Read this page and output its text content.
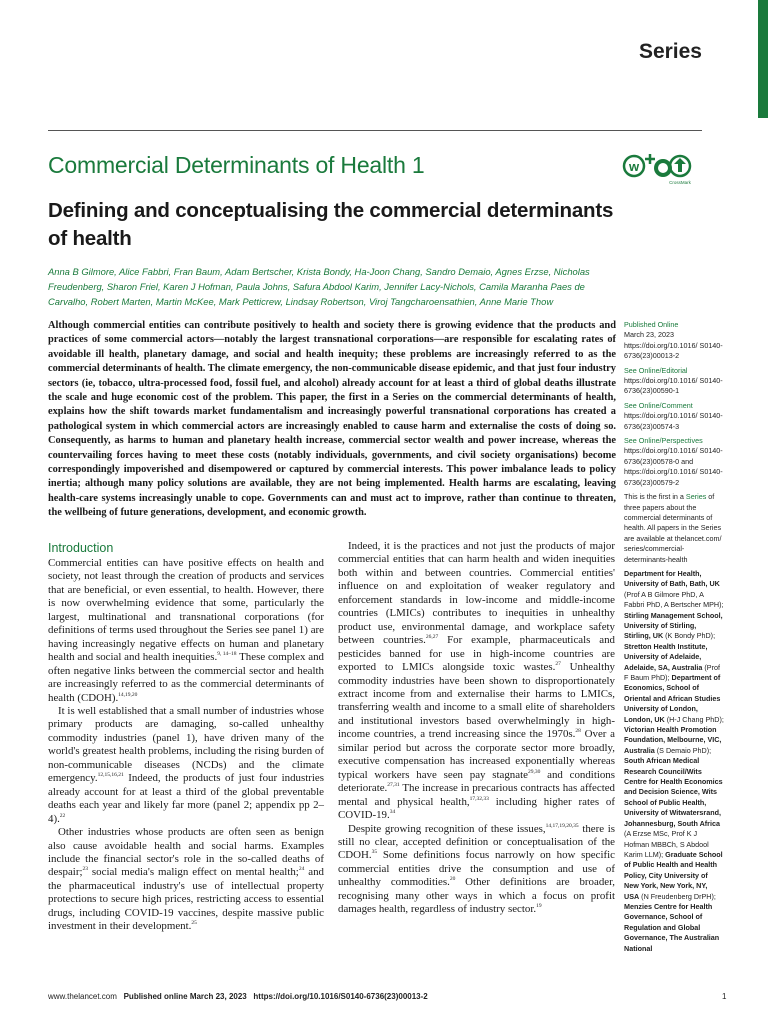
Series
Commercial Determinants of Health 1	w
CrossMark
Defining and conceptualising the commercial determinants of health
Anna B Gilmore, Alice Fabbri, Fran Baum, Adam Bertscher, Krista Bondy, Ha-Joon Chang, Sandro Demaio, Agnes Erzse, Nicholas Freudenberg, Sharon Friel, Karen J Hofman, Paula Johns, Safura Abdool Karim, Jennifer Lacy-Nichols, Camila Maranha Paes de Carvalho, Robert Marten, Martin McKee, Mark Petticrew, Lindsay Robertson, Viroj Tangcharoensathien, Anne Marie Thow
Although commercial entities can contribute positively to health and society there is growing evidence that the products and practices of some commercial actors—notably the largest transnational corporations—are responsible for escalating rates of avoidable ill health, planetary damage, and social and health inequity; these problems are increasingly referred to as the commercial determinants of health. The climate emergency, the non-communicable disease epidemic, and that just four industry sectors (ie, tobacco, ultra-processed food, fossil fuel, and alcohol) already account for at least a third of global deaths illustrate the scale and huge economic cost of the problem. This paper, the first in a Series on the commercial determinants of health, explains how the shift towards market fundamentalism and increasingly powerful transnational corporations has created a pathological system in which commercial actors are increasingly enabled to cause harm and externalise the costs of doing so. Consequently, as harms to human and planetary health increase, commercial sector wealth and power increase, whereas the countervailing forces having to meet these costs (notably individuals, governments, and civil society organisations) become correspondingly impoverished and disempowered or captured by commercial interests. This power imbalance leads to policy inertia; although many policy solutions are available, they are not being implemented. Health harms are escalating, leaving health-care systems increasingly unable to cope. Governments can and must act to improve, rather than continue to threaten, the wellbeing of future generations, development, and economic growth.
Introduction

Commercial entities can have positive effects on health and society, not least through the creation of products and services that are beneficial, or even essential, to health. However, there is now overwhelming evidence that some, particularly the largest, multinational and transnational corporations (for definitions of terms used throughout the Series see panel 1) are having increasingly negative effects on human and planetary health and social and health inequities.$^{9, 14-18}$ These complex and often negative links between the commercial sector and health are increasingly referred to as the commercial determinants of health (CDOH).$^{14,19,20}$

It is well established that a small number of industries whose primary products are damaging, so-called unhealthy commodity industries (panel 1), have driven many of the world's greatest health problems, including the rising burden of non-communicable diseases (NCDs) and the climate emergency.$^{12,15,16,21}$ Indeed, the products of just four industries already account for at least a third of the global preventable deaths each year and likely far more (panel 2; appendix pp 2–4).$^{22}$

Other industries whose products are often seen as benign also cause avoidable health and social harms. Examples include the financial sector's role in the so-called deaths of despair;$^{23}$ social media's malign effect on mental health;$^{24}$ and the pharmaceutical industry's use of intellectual property protections to secure high prices, restricting access to essential drugs, including COVID-19 vaccines, despite massive public investment in their development.$^{25}$

Indeed, it is the practices and not just the products of major commercial entities that can harm health and widen inequities both within and between countries. Commercial entities' influence on and exploitation of weaker regulatory and enforcement standards in low-income and middle-income countries (LMICs) contributes to inequities in unhealthy product use, environmental damage, and workplace safety between countries.$^{26,27}$ For example, pharmaceuticals and pesticides banned for use in high-income countries are exported to LMICs alongside toxic wastes.$^{27}$ Unhealthy commodity industries have been shown to disproportionately extract income from and externalise their harms to LMICs, transferring wealth and income to a small elite of shareholders and institutional investors based overwhelmingly in high-income countries, a trend increasing since the 1970s.$^{28}$ Over a similar period but across the corporate sector more broadly, executive compensation has increased exponentially whereas typical workers have seen pay stagnate$^{29,30}$ and conditions deteriorate.$^{27,31}$ The increase in precarious contracts has affected mental and physical health,$^{17,32,33}$ including higher rates of COVID-19.34

Despite growing recognition of these issues,$^{14,17,19,20,35}$ there is still no clear, accepted definition or conceptualisation of the CDOH.$^{35}$ Some definitions focus narrowly on how specific commercial entities drive the consumption and use of unhealthy commodities.$^{20}$ Other definitions are broader, recognising many other ways in which a focus on profit damages health, regardless of industry sector.$^{19}$

Published Online
March 23, 2023
https://doi.org/10.1016/ S0140-6736(23)00013-2
See Online/Editorial
https://doi.org/10.1016/ S0140-6736(23)00590-1
See Online/Comment
https://doi.org/10.1016/ S0140-6736(23)00574-3
See Online/Perspectives
https://doi.org/10.1016/ S0140-6736(23)00578-0 and https://doi.org/10.1016/ S0140-6736(23)00579-2
This is the first in a Series of three papers about the commercial determinants of health. All papers in the Series are available at thelancet.com/ series/commercial-determinants-health
Department for Health, University of Bath, Bath, UK (Prof A B Gilmore PhD, A Fabbri PhD, A Bertscher MPH); Stirling Management School, University of Stirling, Stirling, UK (K Bondy PhD); Stretton Health Institute, University of Adelaide, Adelaide, SA, Australia (Prof F Baum PhD); Department of Economics, School of Oriental and African Studies University of London, London, UK (H-J Chang PhD); Victorian Health Promotion Foundation, Melbourne, VIC, Australia (S Demaio PhD); South African Medical Research Council/Wits Centre for Health Economics and Decision Science, Wits School of Public Health, University of Witwatersrand, Johannesburg, South Africa (A Erzse MSc, Prof K J Hofman MBBCh, S Abdool Karim LLM); Graduate School of Public Health and Health Policy, City University of New York, New York, NY, USA (N Freudenberg DrPH); Menzies Centre for Health Governance, School of Regulation and Global Governance, The Australian National
www.thelancet.com Published online March 23, 2023 https://doi.org/10.1016/S0140-6736(23)00013-2	1
